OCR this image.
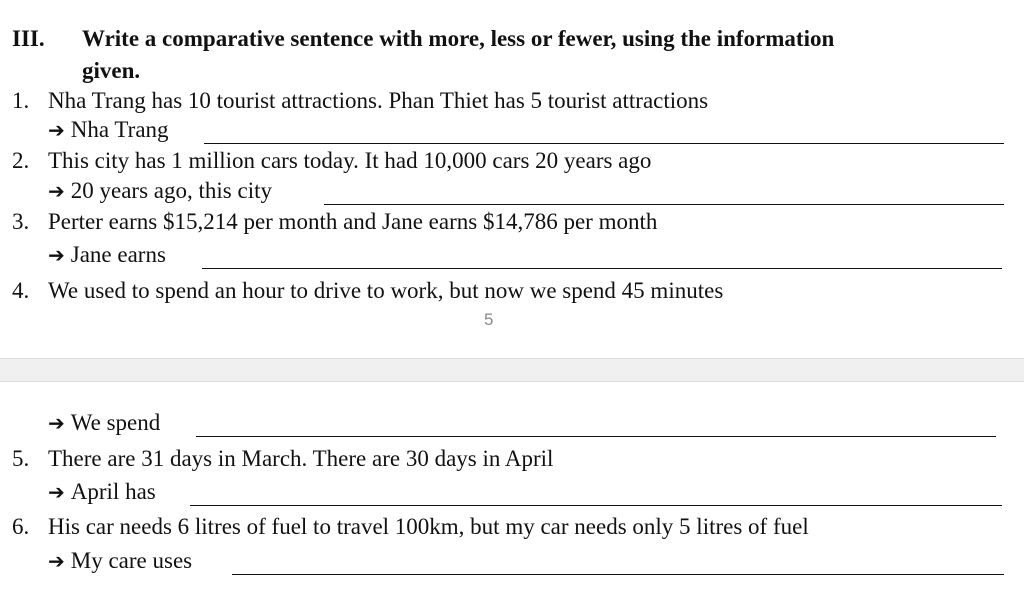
III. Write a comparative sentence with more, less or fewer, using the information
given.
1. Nha Trang has 10 tourist attractions. Phan Thiet has 5 tourist attractions
➔ Nha Trang
2. This city has 1 million cars today. It had 10,000 cars 20 years ago
➔ 20 years ago, this city
3. Perter earns $15,214 per month and Jane earns $14,786 per month
➔ Jane earns
4. We used to spend an hour to drive to work, but now we spend 45 minutes
5
➔ We spend
5. There are 31 days in March. There are 30 days in April
➔ April has
6. His car needs 6 litres of fuel to travel 100km, but my car needs only 5 litres of fuel
➔ My care uses
